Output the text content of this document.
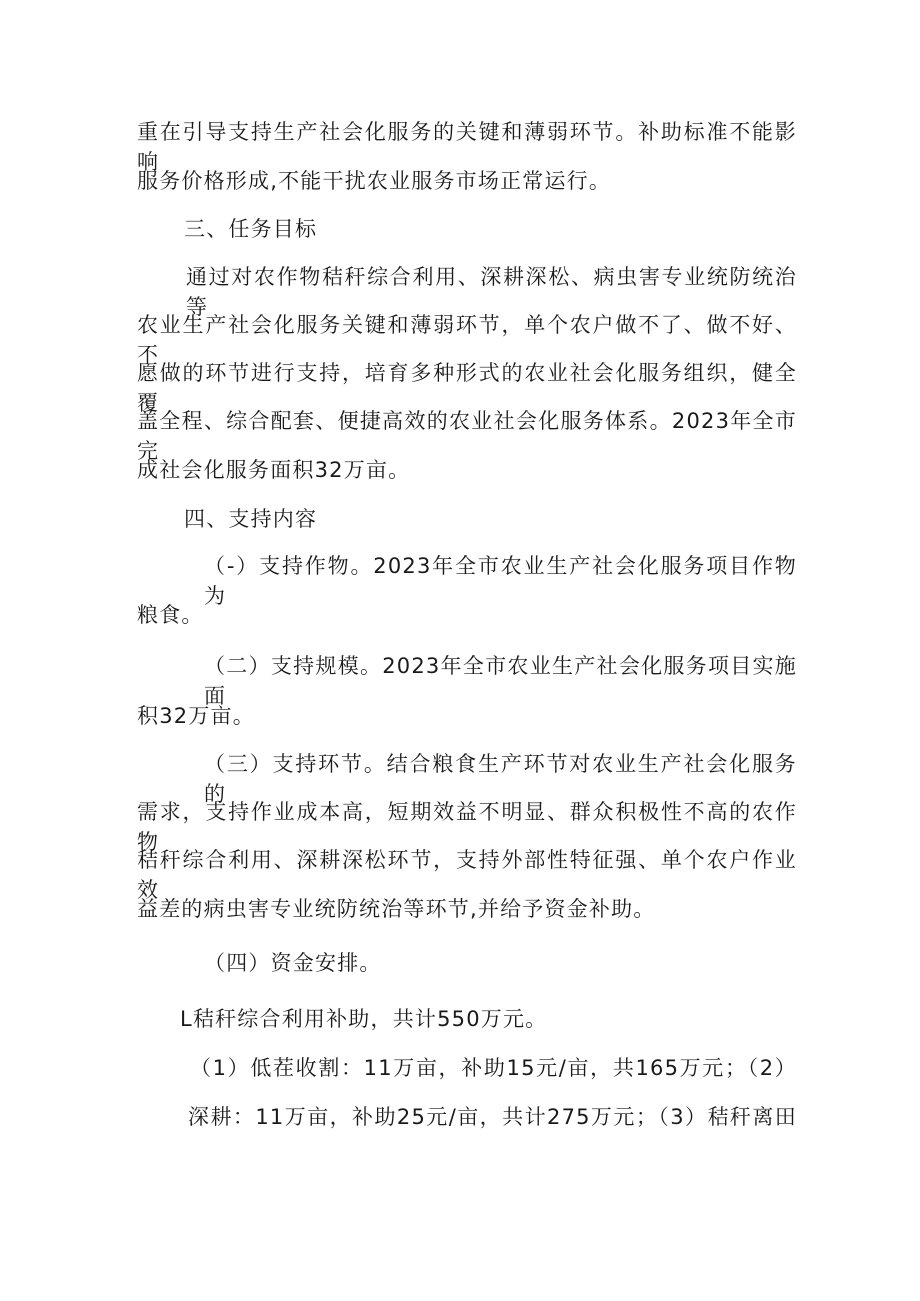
重在引导支持生产社会化服务的关键和薄弱环节。补助标准不能影响
服务价格形成,不能干扰农业服务市场正常运行。
三、任务目标
通过对农作物秸秆综合利用、深耕深松、病虫害专业统防统治等
农业生产社会化服务关键和薄弱环节，单个农户做不了、做不好、不
愿做的环节进行支持，培育多种形式的农业社会化服务组织，健全覆
盖全程、综合配套、便捷高效的农业社会化服务体系。2023年全市完
成社会化服务面积32万亩。
四、支持内容
（-）支持作物。2023年全市农业生产社会化服务项目作物为
粮食。
（二）支持规模。2023年全市农业生产社会化服务项目实施面
积32万亩。
（三）支持环节。结合粮食生产环节对农业生产社会化服务的
需求，支持作业成本高，短期效益不明显、群众积极性不高的农作物
秸秆综合利用、深耕深松环节，支持外部性特征强、单个农户作业效
益差的病虫害专业统防统治等环节,并给予资金补助。
（四）资金安排。
L秸秆综合利用补助，共计550万元。
（1）低茬收割：11万亩，补助15元/亩，共165万元；（2）
深耕：11万亩，补助25元/亩，共计275万元；（3）秸秆离田
